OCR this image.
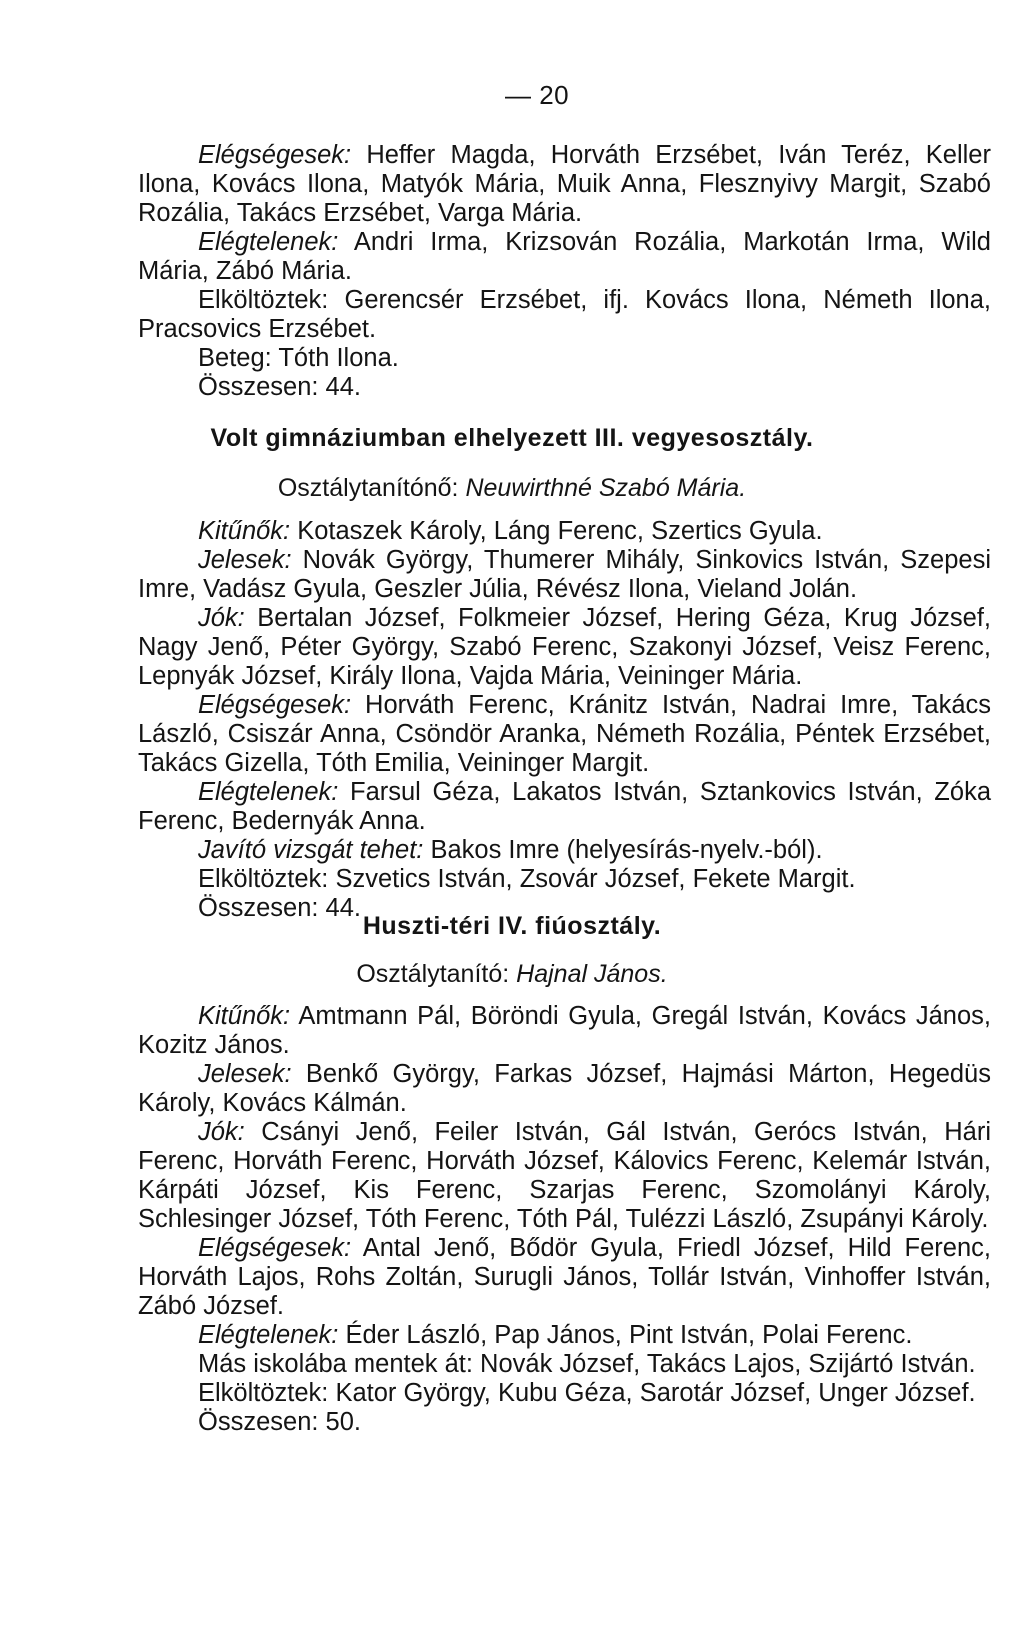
— 20

Elégségesek: Heffer Magda, Horváth Erzsébet, Iván Teréz, Keller Ilona, Kovács Ilona, Matyók Mária, Muik Anna, Flesznyivy Margit, Szabó Rozália, Takács Erzsébet, Varga Mária.

Elégtelenek: Andri Irma, Krizsován Rozália, Markotán Irma, Wild Mária, Zábó Mária.

Elköltöztek: Gerencsér Erzsébet, ifj. Kovács Ilona, Németh Ilona, Pracsovics Erzsébet.

Beteg: Tóth Ilona.

Összesen: 44.

Volt gimnáziumban elhelyezett III. vegyesosztály.
Osztálytanítónő: Neuwirthné Szabó Mária.

Kitűnők: Kotaszek Károly, Láng Ferenc, Szertics Gyula.

Jelesek: Novák György, Thumerer Mihály, Sinkovics István, Szepesi Imre, Vadász Gyula, Geszler Júlia, Révész Ilona, Vieland Jolán.

Jók: Bertalan József, Folkmeier József, Hering Géza, Krug József, Nagy Jenő, Péter György, Szabó Ferenc, Szakonyi József, Veisz Ferenc, Lepnyák József, Király Ilona, Vajda Mária, Veininger Mária.

Elégségesek: Horváth Ferenc, Kránitz István, Nadrai Imre, Takács László, Csiszár Anna, Csöndör Aranka, Németh Rozália, Péntek Erzsébet, Takács Gizella, Tóth Emilia, Veininger Margit.

Elégtelenek: Farsul Géza, Lakatos István, Sztankovics István, Zóka Ferenc, Bedernyák Anna.

Javító vizsgát tehet: Bakos Imre (helyesírás-nyelv.-ból).

Elköltöztek: Szvetics István, Zsovár József, Fekete Margit.

Összesen: 44.

Huszti-téri IV. fiúosztály.
Osztálytanító: Hajnal János.

Kitűnők: Amtmann Pál, Böröndi Gyula, Gregál István, Kovács János, Kozitz János.

Jelesek: Benkő György, Farkas József, Hajmási Márton, Hegedüs Károly, Kovács Kálmán.

Jók: Csányi Jenő, Feiler István, Gál István, Gerócs István, Hári Ferenc, Horváth Ferenc, Horváth József, Kálovics Ferenc, Kelemár István, Kárpáti József, Kis Ferenc, Szarjas Ferenc, Szomolányi Károly, Schlesinger József, Tóth Ferenc, Tóth Pál, Tulézzi László, Zsupányi Károly.

Elégségesek: Antal Jenő, Bődör Gyula, Friedl József, Hild Ferenc, Horváth Lajos, Rohs Zoltán, Surugli János, Tollár István, Vinhoffer István, Zábó József.

Elégtelenek: Éder László, Pap János, Pint István, Polai Ferenc.

Más iskolába mentek át: Novák József, Takács Lajos, Szijártó István.

Elköltöztek: Kator György, Kubu Géza, Sarotár József, Unger József.

Összesen: 50.
